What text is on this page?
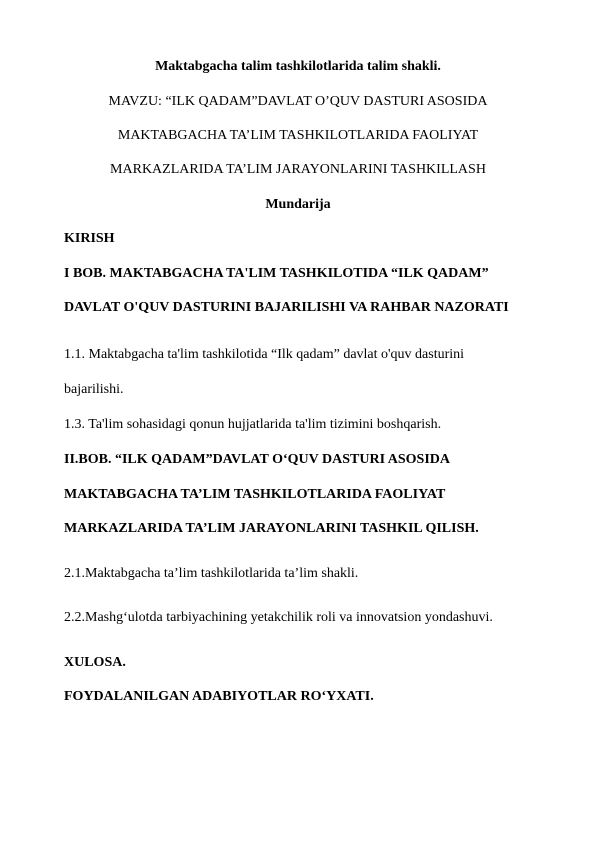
Maktabgacha talim tashkilotlarida talim shakli.
MAVZU: “ILK QADAM”DAVLAT O’QUV DASTURI ASOSIDA
MAKTABGACHA TA’LIM TASHKILOTLARIDA FAOLIYAT
MARKAZLARIDA TA’LIM JARAYONLARINI TASHKILLASH
Mundarija
KIRISH
I BOB. MAKTABGACHA TA'LIM TASHKILOTIDA “ILK QADAM”
DAVLAT O'QUV DASTURINI BAJARILISHI VA RAHBAR NAZORATI
1.1. Maktabgacha ta'lim tashkilotida “Ilk qadam” davlat o'quv dasturini
bajarilishi.
1.3. Ta'lim sohasidagi qonun hujjatlarida ta'lim tizimini boshqarish.
II.BOB. “ILK QADAM”DAVLAT O‘QUV DASTURI ASOSIDA
MAKTABGACHA TA’LIM TASHKILOTLARIDA FAOLIYAT
MARKAZLARIDA TA’LIM JARAYONLARINI TASHKIL QILISH.
2.1.Maktabgacha ta’lim tashkilotlarida ta’lim shakli.
2.2.Mashg‘ulotda tarbiyachining yetakchilik roli va innovatsion yondashuvi.
XULOSA.
FOYDALANILGAN ADABIYOTLAR RO‘YXATI.
